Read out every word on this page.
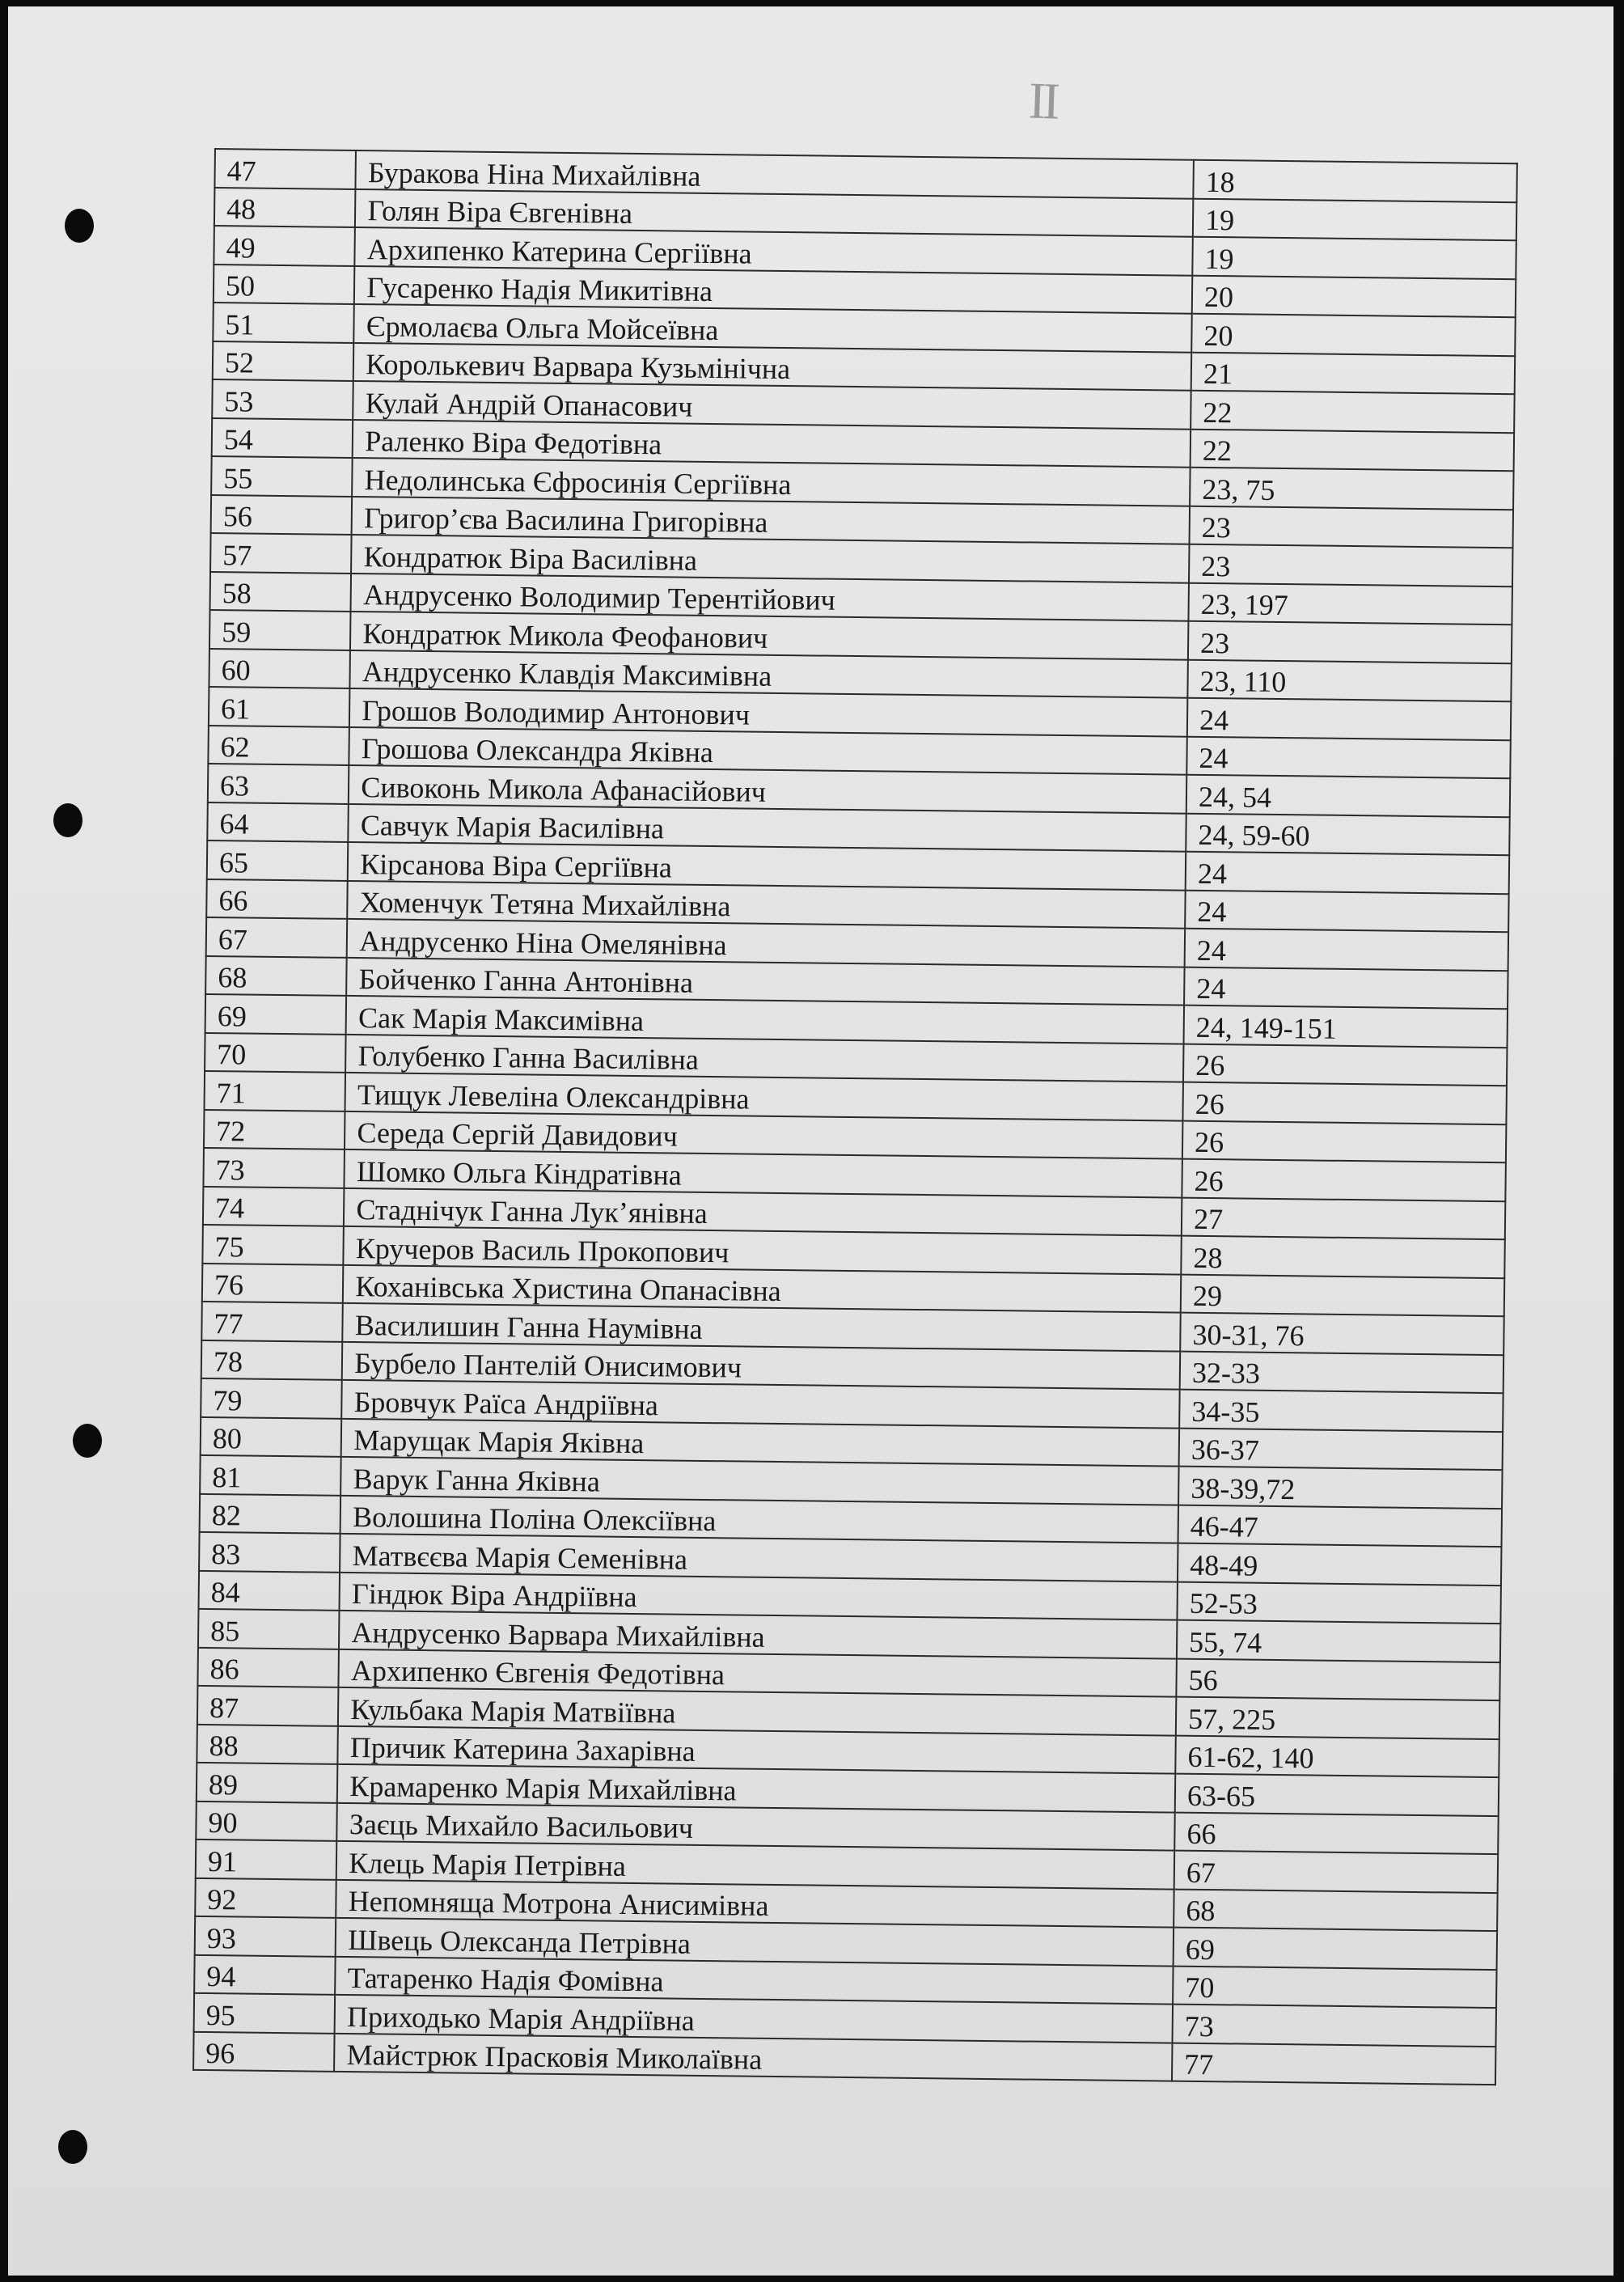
II
47	Буракова Ніна Михайлівна	18
48	Голян Віра Євгенівна	19
49	Архипенко Катерина Сергіївна	19
50	Гусаренко Надія Микитівна	20
51	Єрмолаєва Ольга Мойсеївна	20
52	Королькевич Варвара Кузьмінічна	21
53	Кулай Андрій Опанасович	22
54	Раленко Віра Федотівна	22
55	Недолинська Єфросинія Сергіївна	23, 75
56	Григор’єва Василина Григорівна	23
57	Кондратюк Віра Василівна	23
58	Андрусенко Володимир Терентійович	23, 197
59	Кондратюк Микола Феофанович	23
60	Андрусенко Клавдія Максимівна	23, 110
61	Грошов Володимир Антонович	24
62	Грошова Олександра Яківна	24
63	Сивоконь Микола Афанасійович	24, 54
64	Савчук Марія Василівна	24, 59-60
65	Кірсанова Віра Сергіївна	24
66	Хоменчук Тетяна Михайлівна	24
67	Андрусенко Ніна Омелянівна	24
68	Бойченко Ганна Антонівна	24
69	Сак Марія Максимівна	24, 149-151
70	Голубенко Ганна Василівна	26
71	Тищук Левеліна Олександрівна	26
72	Середа Сергій Давидович	26
73	Шомко Ольга Кіндратівна	26
74	Стаднічук Ганна Лук’янівна	27
75	Кручеров Василь Прокопович	28
76	Коханівська Христина Опанасівна	29
77	Василишин Ганна Наумівна	30-31, 76
78	Бурбело Пантелій Онисимович	32-33
79	Бровчук Раїса Андріївна	34-35
80	Марущак Марія Яківна	36-37
81	Варук Ганна Яківна	38-39,72
82	Волошина Поліна Олексіївна	46-47
83	Матвєєва Марія Семенівна	48-49
84	Гіндюк Віра Андріївна	52-53
85	Андрусенко Варвара Михайлівна	55, 74
86	Архипенко Євгенія Федотівна	56
87	Кульбака Марія Матвіївна	57, 225
88	Причик Катерина Захарівна	61-62, 140
89	Крамаренко Марія Михайлівна	63-65
90	Заєць Михайло Васильович	66
91	Клець Марія Петрівна	67
92	Непомняща Мотрона Анисимівна	68
93	Швець Олександа Петрівна	69
94	Татаренко Надія Фомівна	70
95	Приходько Марія Андріївна	73
96	Майстрюк Прасковія Миколаївна	77
